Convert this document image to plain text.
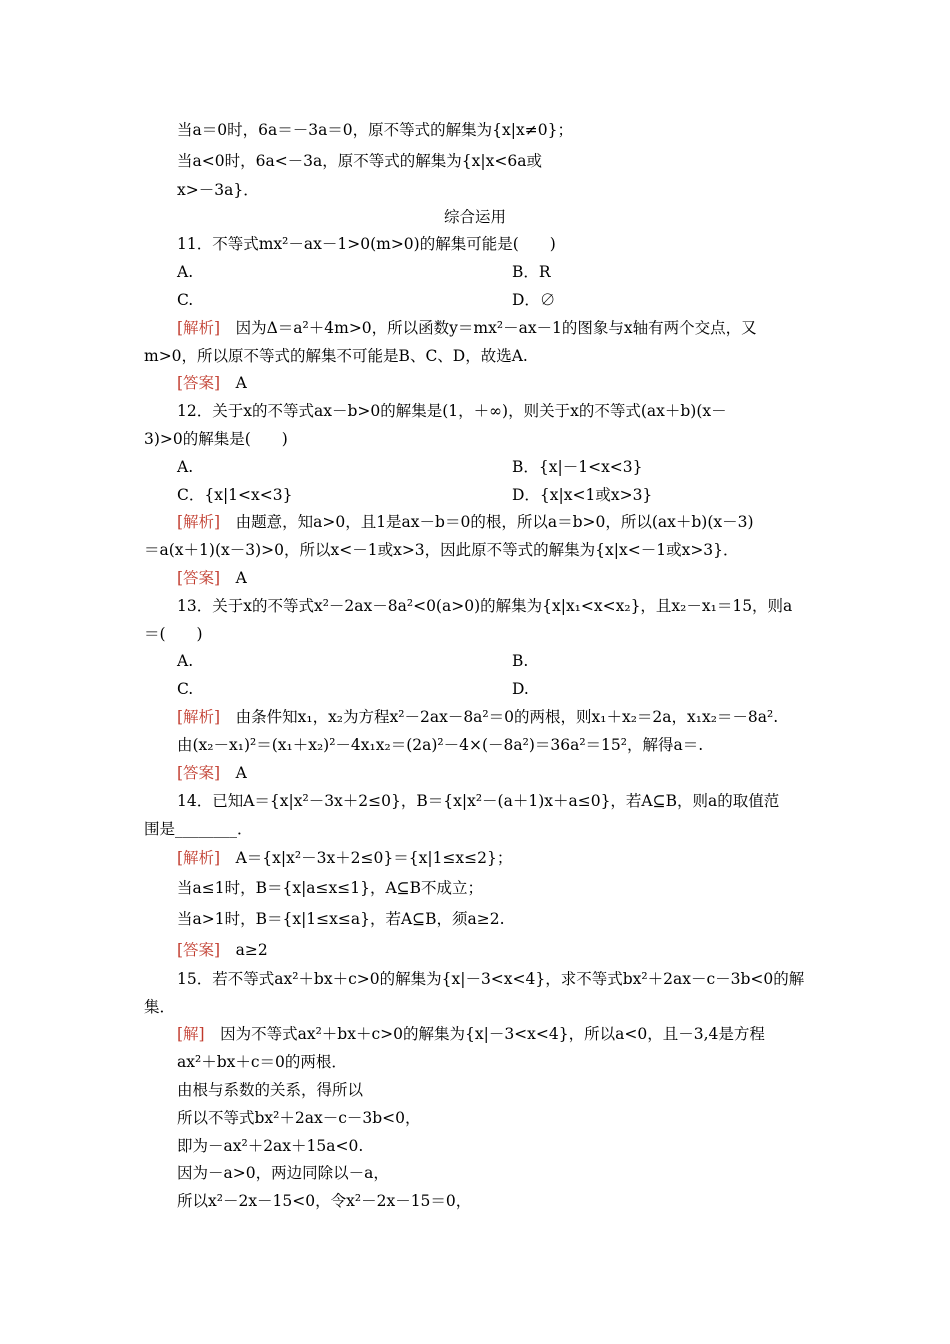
当a＝0时，6a＝－3a＝0，原不等式的解集为{x|x≠0}；
当a<0时，6a<－3a，原不等式的解集为{x|x<6a或
x>－3a}．
综合运用
11．不等式mx²－ax－1>0(m>0)的解集可能是(　　)
A.	B．R
C.	D．∅
[解析]　因为Δ＝a²＋4m>0，所以函数y＝mx²－ax－1的图象与x轴有两个交点，又
m>0，所以原不等式的解集不可能是B、C、D，故选A.
[答案]　A
12．关于x的不等式ax－b>0的解集是(1，＋∞)，则关于x的不等式(ax＋b)(x－
3)>0的解集是(　　)
A.	B．{x|－1<x<3}
C．{x|1<x<3}	D．{x|x<1或x>3}
[解析]　由题意，知a>0，且1是ax－b＝0的根，所以a＝b>0，所以(ax＋b)(x－3)
＝a(x＋1)(x－3)>0，所以x<－1或x>3，因此原不等式的解集为{x|x<－1或x>3}．
[答案]　A
13．关于x的不等式x²－2ax－8a²<0(a>0)的解集为{x|x₁<x<x₂}，且x₂－x₁＝15，则a
＝(　　)
A.	B.
C.	D.
[解析]　由条件知x₁，x₂为方程x²－2ax－8a²＝0的两根，则x₁＋x₂＝2a，x₁x₂＝－8a².
由(x₂－x₁)²＝(x₁＋x₂)²－4x₁x₂＝(2a)²－4×(－8a²)＝36a²＝15²，解得a＝.
[答案]　A
14．已知A＝{x|x²－3x＋2≤0}，B＝{x|x²－(a＋1)x＋a≤0}，若A⊆B，则a的取值范
围是________．
[解析]　A＝{x|x²－3x＋2≤0}＝{x|1≤x≤2}；
当a≤1时，B＝{x|a≤x≤1}，A⊆B不成立；
当a>1时，B＝{x|1≤x≤a}，若A⊆B，须a≥2.
[答案]　a≥2
15．若不等式ax²＋bx＋c>0的解集为{x|－3<x<4}，求不等式bx²＋2ax－c－3b<0的解
集．
[解]　因为不等式ax²＋bx＋c>0的解集为{x|－3<x<4}，所以a<0，且－3,4是方程
ax²＋bx＋c＝0的两根．
由根与系数的关系，得所以
所以不等式bx²＋2ax－c－3b<0，
即为－ax²＋2ax＋15a<0.
因为－a>0，两边同除以－a，
所以x²－2x－15<0，令x²－2x－15＝0，
